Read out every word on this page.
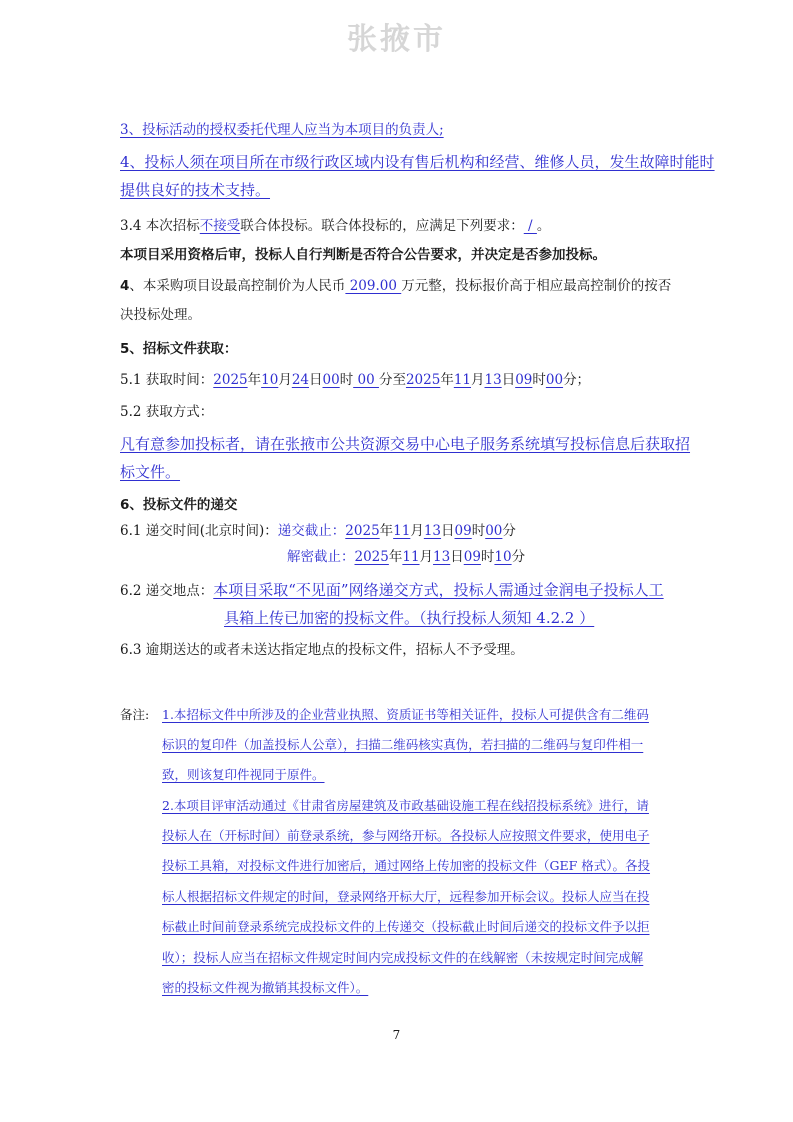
张掖市
3、投标活动的授权委托代理人应当为本项目的负责人;
4、投标人须在项目所在市级行政区域内设有售后机构和经营、维修人员，发生故障时能时
提供良好的技术支持。
3.4 本次招标不接受联合体投标。联合体投标的，应满足下列要求： / 。
本项目采用资格后审，投标人自行判断是否符合公告要求，并决定是否参加投标。
4、本采购项目设最高控制价为人民币 209.00 万元整，投标报价高于相应最高控制价的按否
决投标处理。
5、招标文件获取：
5.1 获取时间：2025年10月24日00时 00 分至2025年11月13日09时00分；
5.2 获取方式：
凡有意参加投标者，请在张掖市公共资源交易中心电子服务系统填写投标信息后获取招
标文件。
6、投标文件的递交
6.1 递交时间(北京时间)：递交截止：2025年11月13日09时00分
解密截止：2025年11月13日09时10分
6.2 递交地点：本项目采取“不见面”网络递交方式，投标人需通过金润电子投标人工
具箱上传已加密的投标文件。（执行投标人须知 4.2.2 ）
6.3 逾期送达的或者未送达指定地点的投标文件，招标人不予受理。
备注: 1.本招标文件中所涉及的企业营业执照、资质证书等相关证件，投标人可提供含有二维码
标识的复印件（加盖投标人公章），扫描二维码核实真伪，若扫描的二维码与复印件相一
致，则该复印件视同于原件。
2.本项目评审活动通过《甘肃省房屋建筑及市政基础设施工程在线招投标系统》进行，请
投标人在（开标时间）前登录系统，参与网络开标。各投标人应按照文件要求，使用电子
投标工具箱，对投标文件进行加密后，通过网络上传加密的投标文件（GEF 格式）。各投
标人根据招标文件规定的时间，登录网络开标大厅，远程参加开标会议。投标人应当在投
标截止时间前登录系统完成投标文件的上传递交（投标截止时间后递交的投标文件予以拒
收）；投标人应当在招标文件规定时间内完成投标文件的在线解密（未按规定时间完成解
密的投标文件视为撤销其投标文件）。
7
